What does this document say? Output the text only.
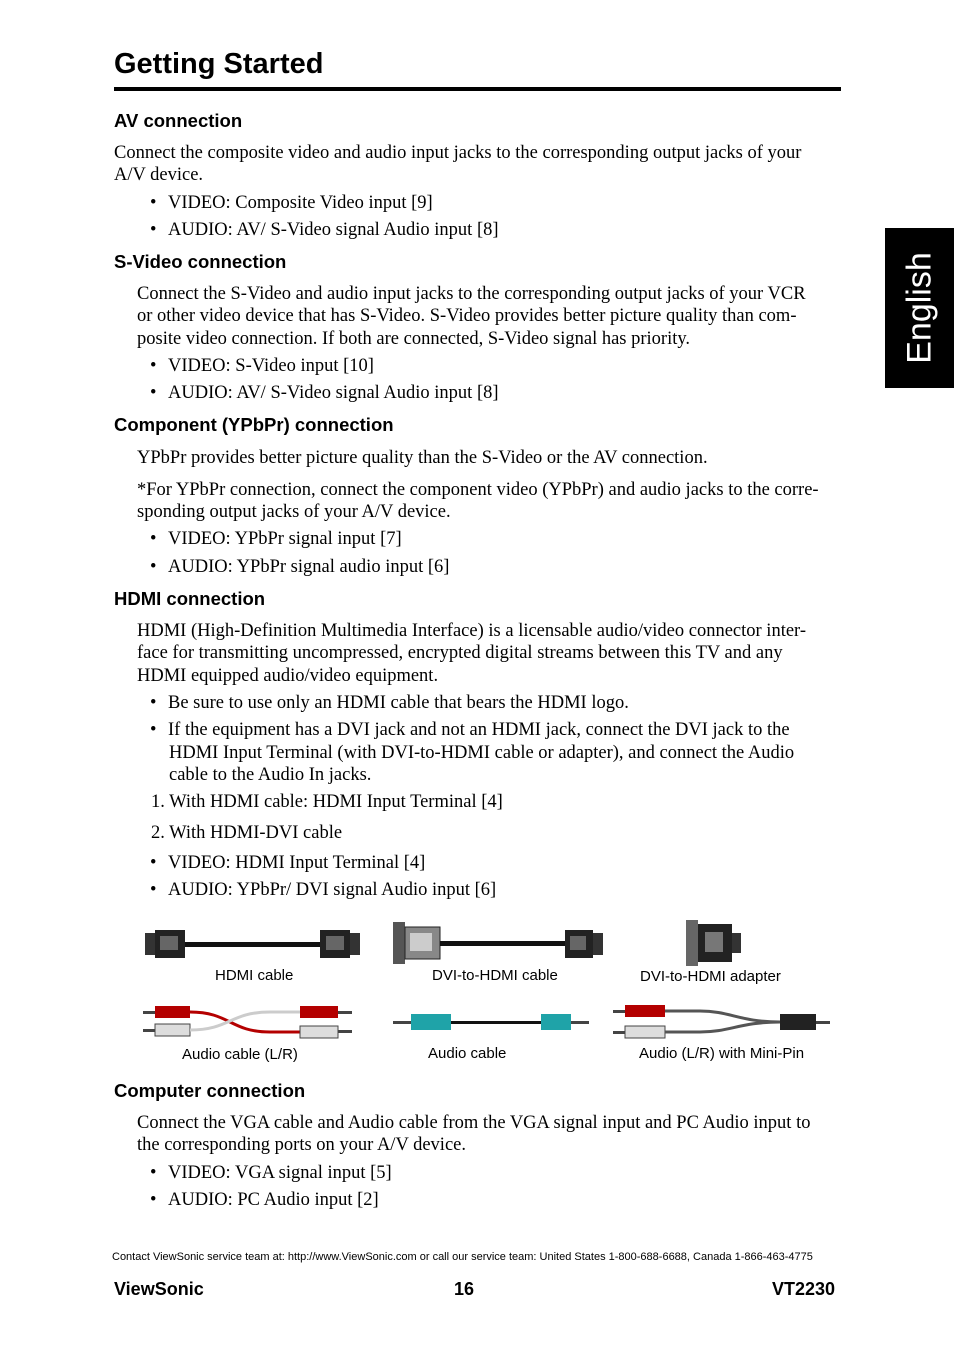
Getting Started
English
AV connection
Connect the composite video and audio input jacks to the corresponding output jacks of your
A/V device.
• VIDEO: Composite Video input [9]
• AUDIO: AV/ S-Video signal Audio input [8]
S-Video connection
Connect the S-Video and audio input jacks to the corresponding output jacks of your VCR
or other video device that has S-Video. S-Video provides better picture quality than com-
posite video connection. If both are connected, S-Video signal has priority.
• VIDEO: S-Video input [10]
• AUDIO: AV/ S-Video signal Audio input [8]
Component (YPbPr) connection
YPbPr provides better picture quality than the S-Video or the AV connection.
*For YPbPr connection, connect the component video (YPbPr) and audio jacks to the corre-
sponding output jacks of your A/V device.
• VIDEO: YPbPr signal input [7]
• AUDIO: YPbPr signal audio input [6]
HDMI connection
HDMI (High-Definition Multimedia Interface) is a licensable audio/video connector inter-
face for transmitting uncompressed, encrypted digital streams between this TV and any
HDMI equipped audio/video equipment.
• Be sure to use only an HDMI cable that bears the HDMI logo.
• If the equipment has a DVI jack and not an HDMI jack, connect the DVI jack to the
HDMI Input Terminal (with DVI-to-HDMI cable or adapter), and connect the Audio
cable to the Audio In jacks.
1. With HDMI cable: HDMI Input Terminal [4]
2. With HDMI-DVI cable
• VIDEO: HDMI Input Terminal [4]
• AUDIO: YPbPr/ DVI signal Audio input [6]
HDMI cable	DVI-to-HDMI cable	DVI-to-HDMI adapter
Audio cable (L/R)	Audio cable	Audio (L/R) with Mini-Pin
Computer connection
Connect the VGA cable and Audio cable from the VGA signal input and PC Audio input to
the corresponding ports on your A/V device.
• VIDEO: VGA signal input [5]
• AUDIO: PC Audio input [2]
Contact ViewSonic service team at: http://www.ViewSonic.com or call our service team: United States 1-800-688-6688, Canada 1-866-463-4775
ViewSonic	16	VT2230
